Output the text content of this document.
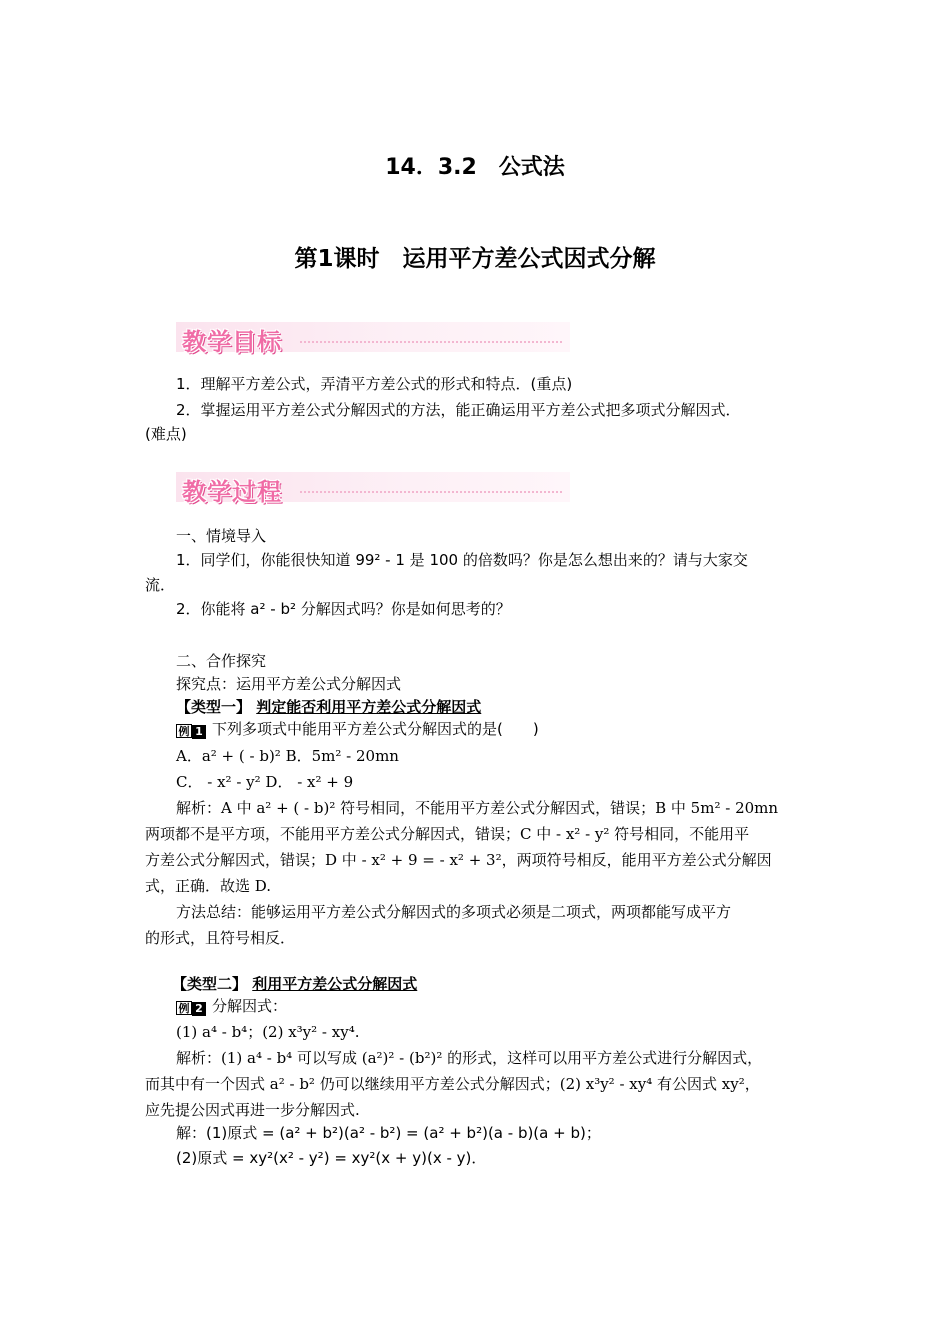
14．3.2　公式法
第1课时　运用平方差公式因式分解
教学目标
1．理解平方差公式，弄清平方差公式的形式和特点．(重点)
2．掌握运用平方差公式分解因式的方法，能正确运用平方差公式把多项式分解因式．
(难点)
教学过程
一、情境导入
1．同学们，你能很快知道 99² - 1 是 100 的倍数吗？你是怎么想出来的？请与大家交
流．
2．你能将 a² - b² 分解因式吗？你是如何思考的？
二、合作探究
探究点：运用平方差公式分解因式
【类型一】 判定能否利用平方差公式分解因式
例 1 下列多项式中能用平方差公式分解因式的是(　　)
A．a² + ( - b)² B．5m² - 20mn
C． - x² - y² D． - x² + 9
解析：A 中 a² + ( - b)² 符号相同，不能用平方差公式分解因式，错误；B 中 5m² - 20mn
两项都不是平方项，不能用平方差公式分解因式，错误；C 中 - x² - y² 符号相同，不能用平
方差公式分解因式，错误；D 中 - x² + 9 = - x² + 3²，两项符号相反，能用平方差公式分解因
式，正确．故选 D.
方法总结：能够运用平方差公式分解因式的多项式必须是二项式，两项都能写成平方
的形式，且符号相反．
【类型二】 利用平方差公式分解因式
例 2 分解因式：
(1) a⁴ - b⁴；(2) x³y² - xy⁴.
解析：(1) a⁴ - b⁴ 可以写成 (a²)² - (b²)² 的形式，这样可以用平方差公式进行分解因式，
而其中有一个因式 a² - b² 仍可以继续用平方差公式分解因式；(2) x³y² - xy⁴ 有公因式 xy²，
应先提公因式再进一步分解因式.
解：(1)原式 = (a² + b²)(a² - b²) = (a² + b²)(a - b)(a + b)；
(2)原式 = xy²(x² - y²) = xy²(x + y)(x - y)．
